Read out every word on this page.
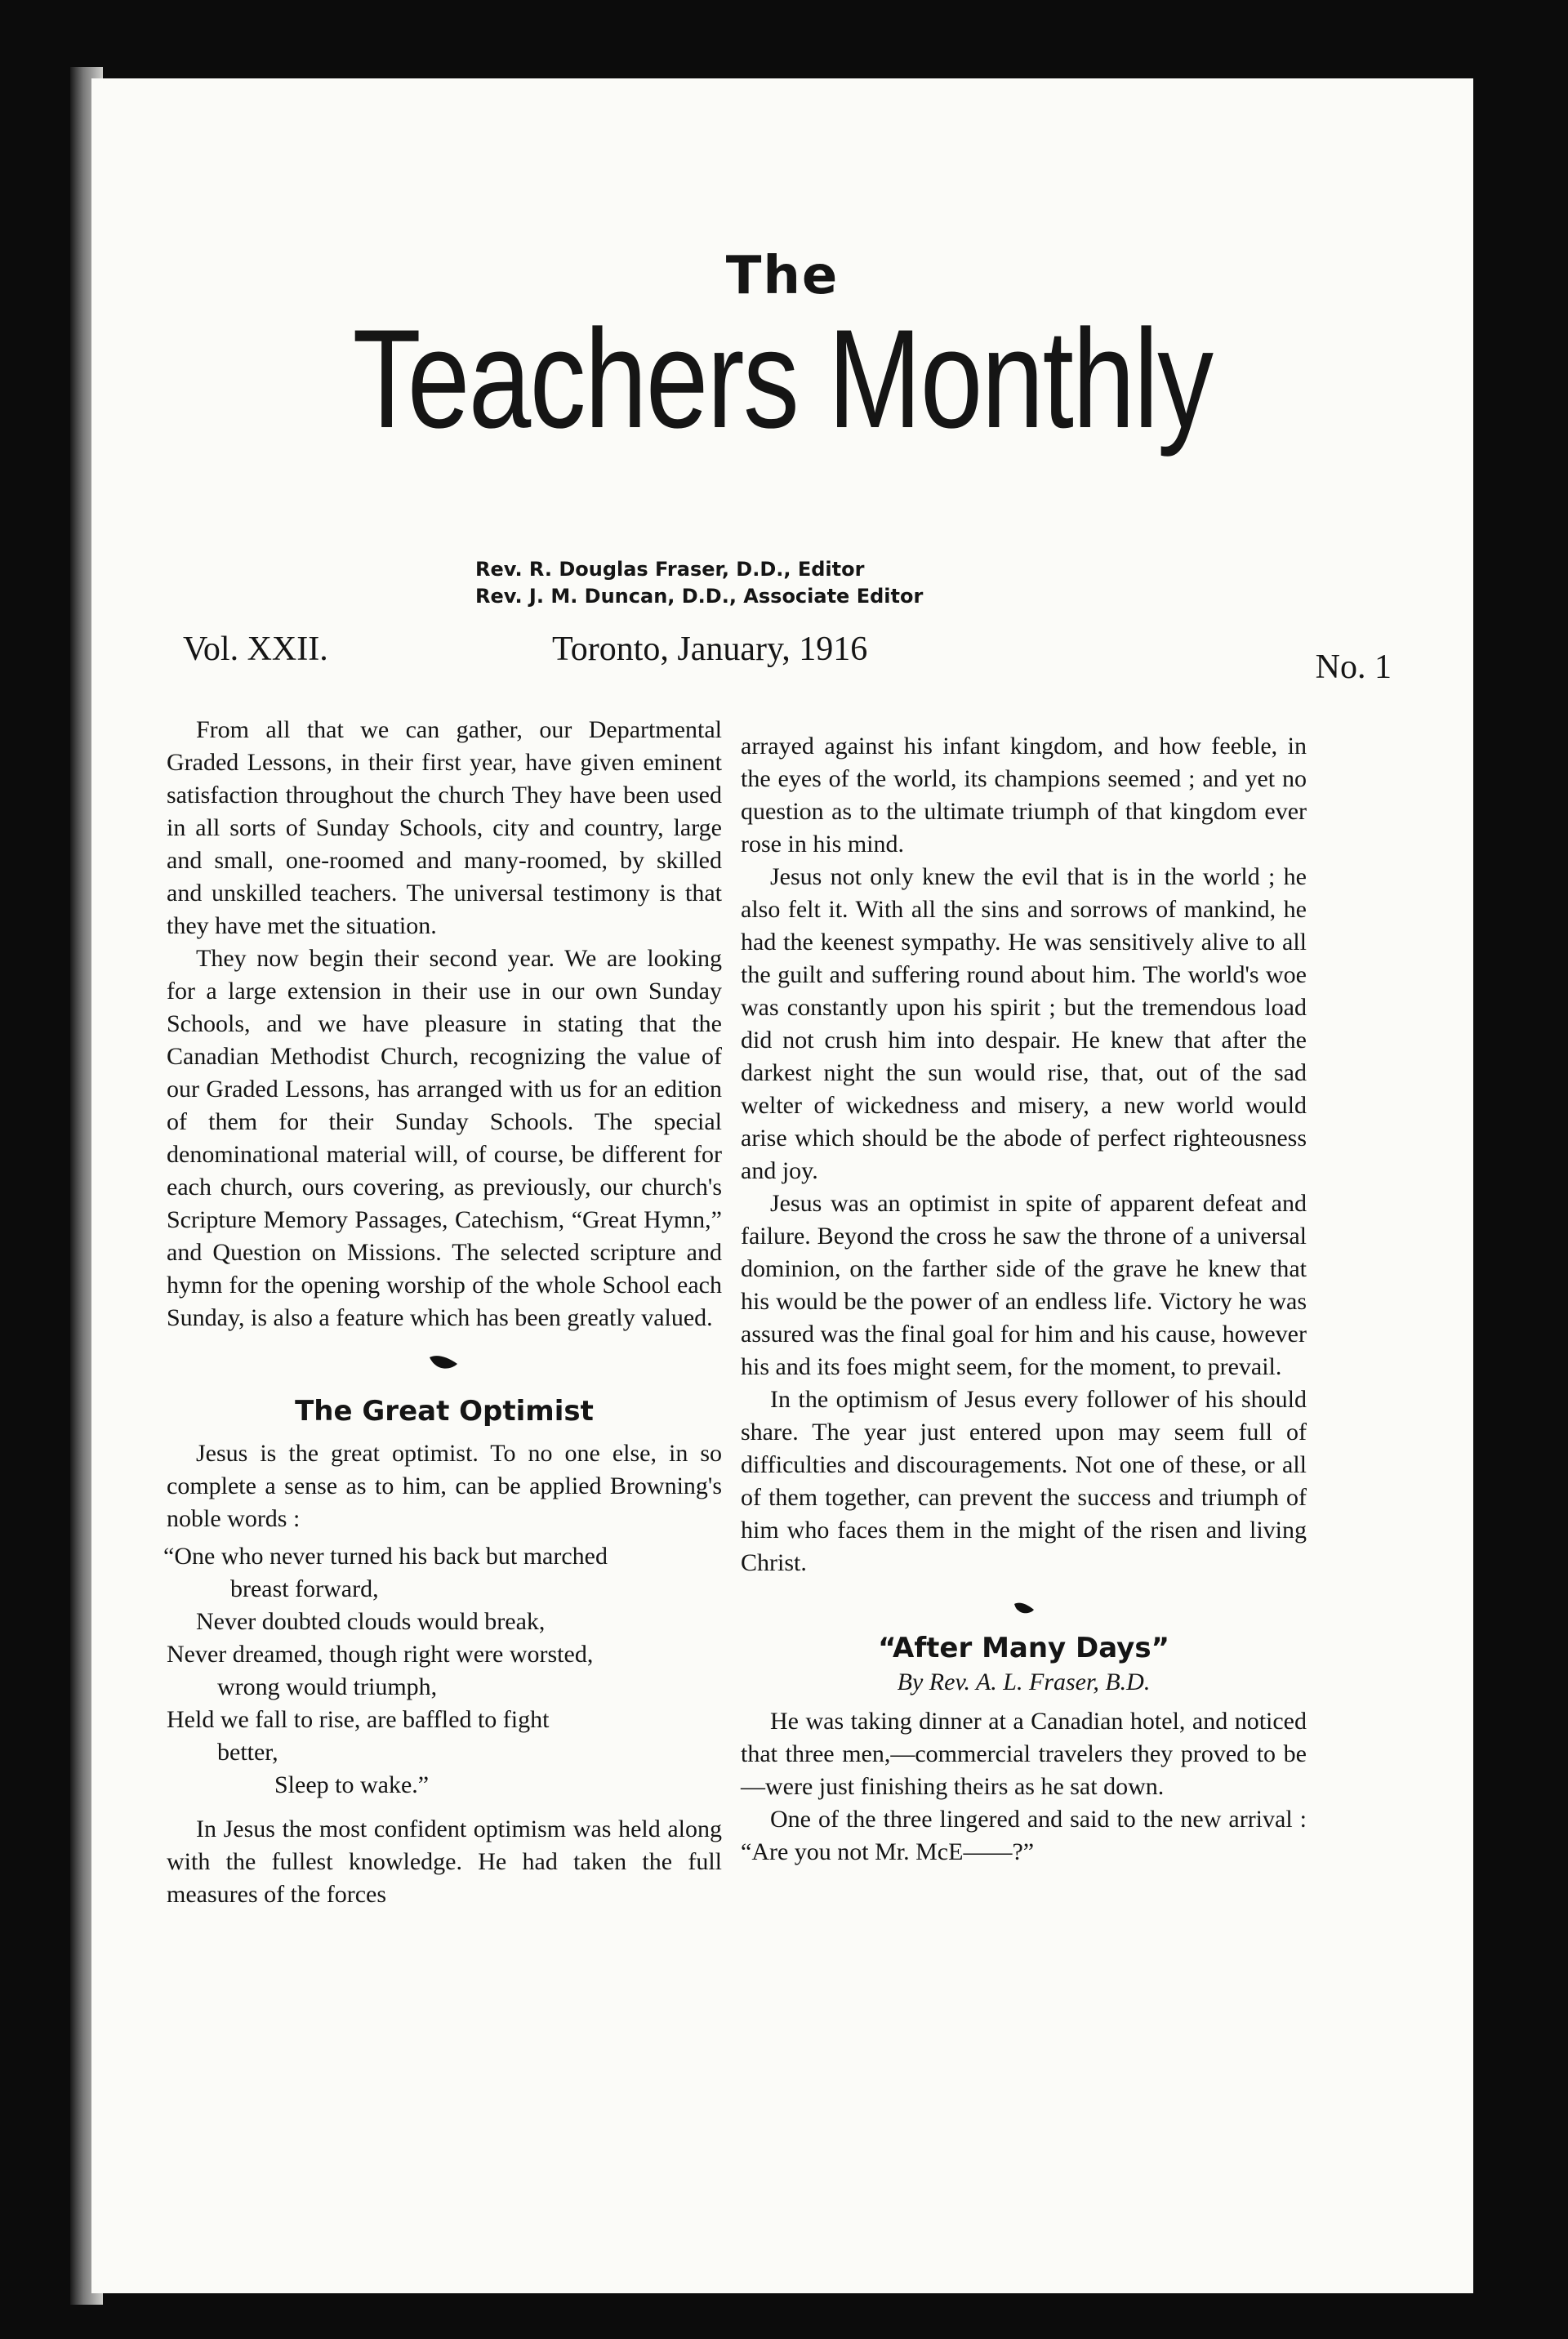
The
Teachers Monthly
Rev. R. Douglas Fraser, D.D., Editor
Rev. J. M. Duncan, D.D., Associate Editor
Vol. XXII.	Toronto, January, 1916	No. 1

From all that we can gather, our Departmental Graded Lessons, in their first year, have given eminent satisfaction throughout the church They have been used in all sorts of Sunday Schools, city and country, large and small, one-roomed and many-roomed, by skilled and unskilled teachers. The universal testimony is that they have met the situation.

They now begin their second year. We are looking for a large extension in their use in our own Sunday Schools, and we have pleasure in stating that the Canadian Methodist Church, recognizing the value of our Graded Lessons, has arranged with us for an edition of them for their Sunday Schools. The special denominational material will, of course, be different for each church, ours covering, as previously, our church's Scripture Memory Passages, Catechism, “Great Hymn,” and Question on Missions. The selected scripture and hymn for the opening worship of the whole School each Sunday, is also a feature which has been greatly valued.

The Great Optimist

Jesus is the great optimist. To no one else, in so complete a sense as to him, can be applied Browning's noble words :

“One who never turned his back but marched
breast forward,
Never doubted clouds would break,
Never dreamed, though right were worsted,
wrong would triumph,
Held we fall to rise, are baffled to fight
better,
Sleep to wake.”

In Jesus the most confident optimism was held along with the fullest knowledge. He had taken the full measures of the forces

arrayed against his infant kingdom, and how feeble, in the eyes of the world, its champions seemed ; and yet no question as to the ultimate triumph of that kingdom ever rose in his mind.

Jesus not only knew the evil that is in the world ; he also felt it. With all the sins and sorrows of mankind, he had the keenest sympathy. He was sensitively alive to all the guilt and suffering round about him. The world's woe was constantly upon his spirit ; but the tremendous load did not crush him into despair. He knew that after the darkest night the sun would rise, that, out of the sad welter of wickedness and misery, a new world would arise which should be the abode of perfect righteousness and joy.

Jesus was an optimist in spite of apparent defeat and failure. Beyond the cross he saw the throne of a universal dominion, on the farther side of the grave he knew that his would be the power of an endless life. Victory he was assured was the final goal for him and his cause, however his and its foes might seem, for the moment, to prevail.

In the optimism of Jesus every follower of his should share. The year just entered upon may seem full of difficulties and discouragements. Not one of these, or all of them together, can prevent the success and triumph of him who faces them in the might of the risen and living Christ.

“After Many Days”
By Rev. A. L. Fraser, B.D.

He was taking dinner at a Canadian hotel, and noticed that three men,—commercial travelers they proved to be—were just finishing theirs as he sat down.

One of the three lingered and said to the new arrival : “Are you not Mr. McE——?”
